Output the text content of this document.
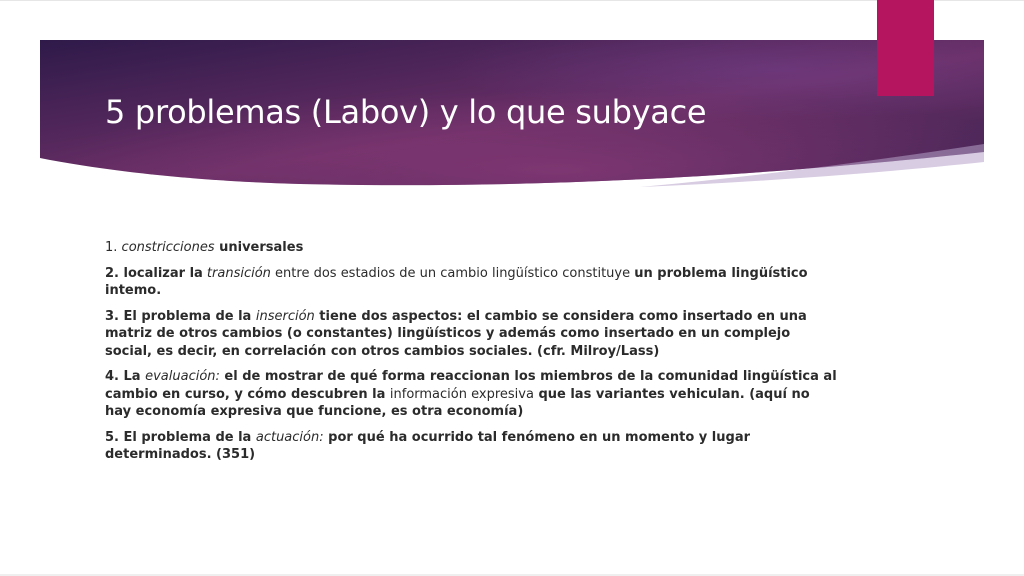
5 problemas (Labov) y lo que subyace

1. constricciones universales

2. localizar la transición entre dos estadios de un cambio lingüístico constituye un problema lingüístico intemo.

3. El problema de la inserción tiene dos aspectos: el cambio se considera como insertado en una matriz de otros cambios (o constantes) lingüísticos y además como insertado en un complejo social, es decir, en correlación con otros cambios sociales. (cfr. Milroy/Lass)

4. La evaluación: el de mostrar de qué forma reaccionan los miembros de la comunidad lingüística al cambio en curso, y cómo descubren la información expresiva que las variantes vehiculan. (aquí no hay economía expresiva que funcione, es otra economía)

5. El problema de la actuación: por qué ha ocurrido tal fenómeno en un momento y lugar determinados. (351)
